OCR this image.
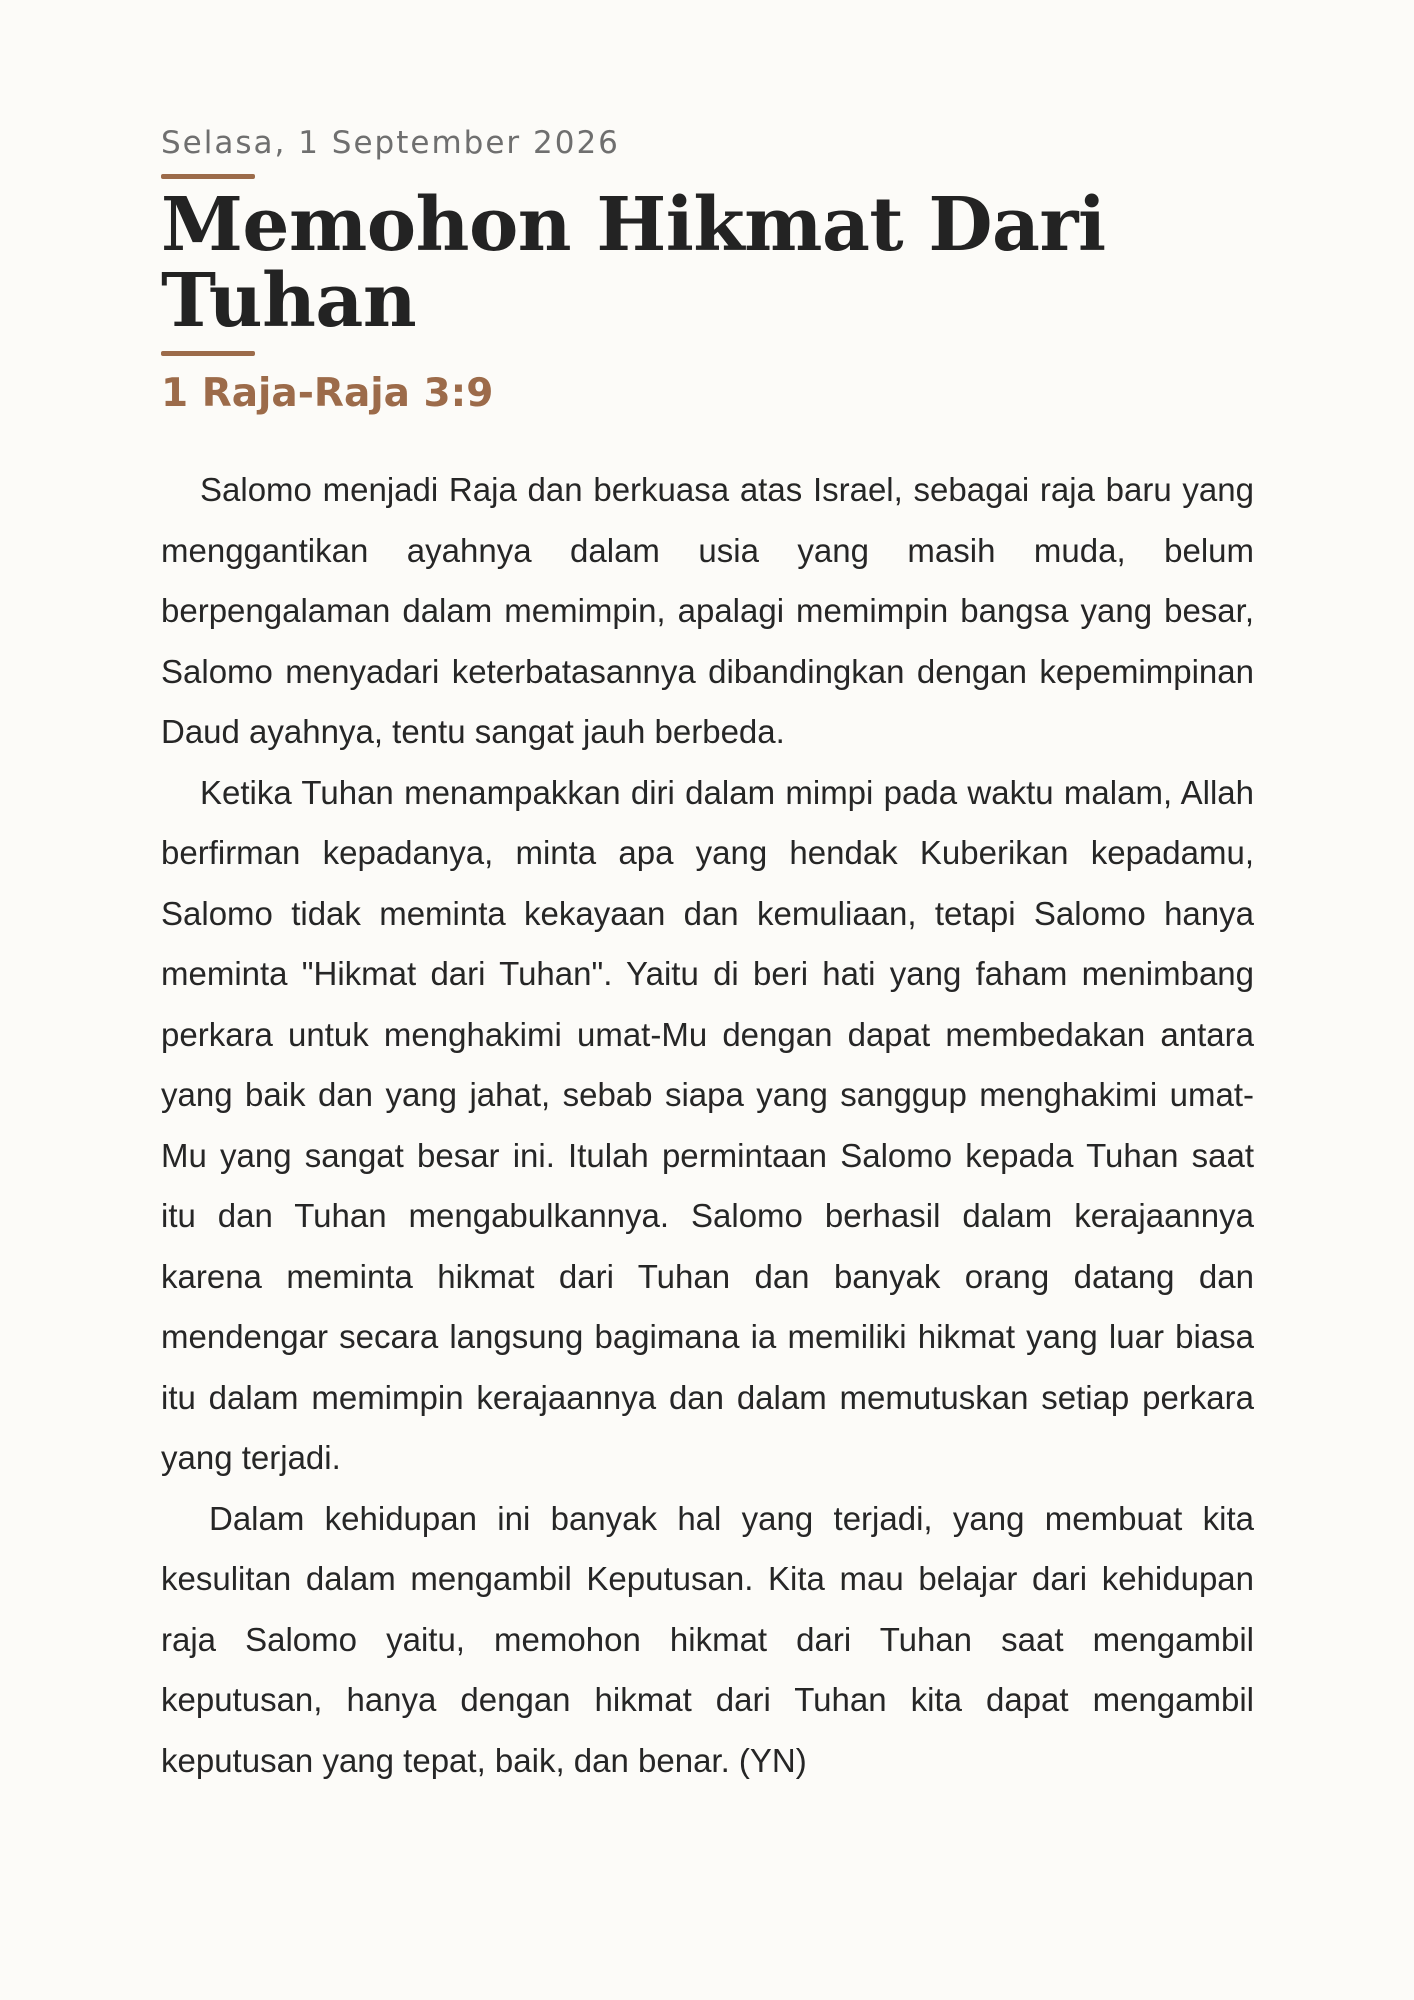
Selasa, 1 September 2026
Memohon Hikmat Dari Tuhan
1 Raja-Raja 3:9

Salomo menjadi Raja dan berkuasa atas Israel, sebagai raja baru yang menggantikan ayahnya dalam usia yang masih muda, belum berpengalaman dalam memimpin, apalagi memimpin bangsa yang besar, Salomo menyadari keterbatasannya dibandingkan dengan kepemimpinan Daud ayahnya, tentu sangat jauh berbeda.

Ketika Tuhan menampakkan diri dalam mimpi pada waktu malam, Allah berfirman kepadanya, minta apa yang hendak Kuberikan kepadamu, Salomo tidak meminta kekayaan dan kemuliaan, tetapi Salomo hanya meminta "Hikmat dari Tuhan". Yaitu di beri hati yang faham menimbang perkara untuk menghakimi umat-Mu dengan dapat membedakan antara yang baik dan yang jahat, sebab siapa yang sanggup menghakimi umat-Mu yang sangat besar ini. Itulah permintaan Salomo kepada Tuhan saat itu dan Tuhan mengabulkannya. Salomo berhasil dalam kerajaannya karena meminta hikmat dari Tuhan dan banyak orang datang dan mendengar secara langsung bagimana ia memiliki hikmat yang luar biasa itu dalam memimpin kerajaannya dan dalam memutuskan setiap perkara yang terjadi.

Dalam kehidupan ini banyak hal yang terjadi, yang membuat kita kesulitan dalam mengambil Keputusan. Kita mau belajar dari kehidupan raja Salomo yaitu, memohon hikmat dari Tuhan saat mengambil keputusan, hanya dengan hikmat dari Tuhan kita dapat mengambil keputusan yang tepat, baik, dan benar. (YN)
